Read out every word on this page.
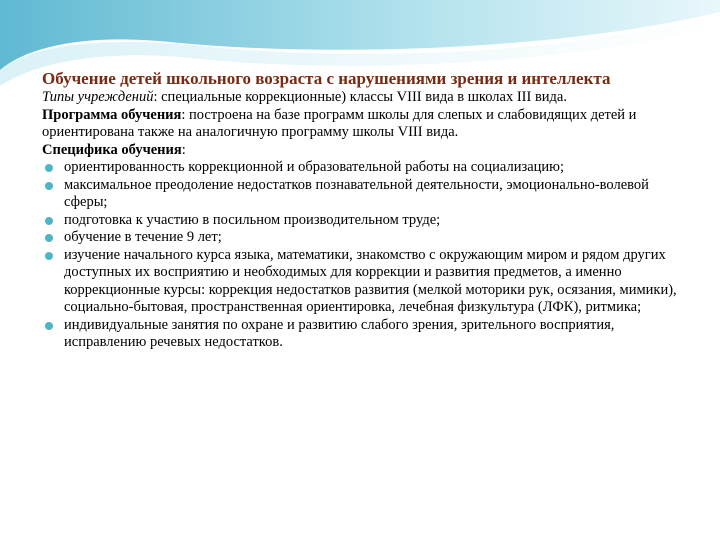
Обучение детей школьного возраста с нарушениями зрения и интеллекта

Типы учреждений: специальные коррекционные) классы VIII вида в школах III вида.

Программа обучения: построена на базе программ школы для слепых и слабовидящих детей и ориентирована также на аналогичную программу школы VIII вида.

Специфика обучения:

ориентированность коррекционной и образовательной работы на социализацию;
максимальное преодоление недостатков познавательной деятельности, эмоционально-волевой сферы;
подготовка к участию в посильном производительном труде;
обучение в течение 9 лет;
изучение начального курса языка, математики, знакомство с окружающим миром и рядом других доступных их восприятию и необходимых для коррекции и развития предметов, а именно коррекционные курсы: коррекция недостатков развития (мелкой моторики рук, осязания, мимики), социально-бытовая, пространственная ориентировка, лечебная физкультура (ЛФК), ритмика;
индивидуальные занятия по охране и развитию слабого зрения, зрительного восприятия, исправлению речевых недостатков.
